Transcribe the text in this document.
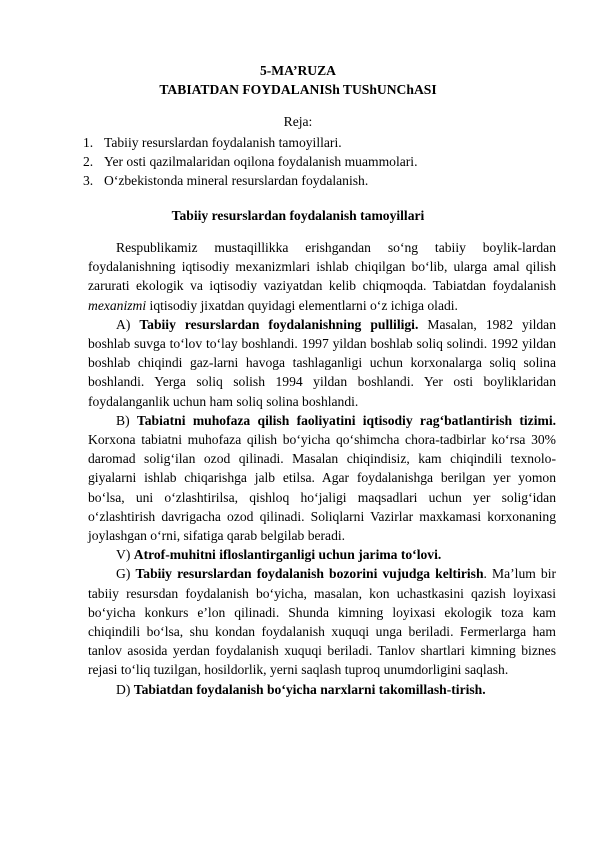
5-MA’RUZA
TABIATDAN FOYDALANISh TUShUNChASI
Reja:
1. Tabiiy resurslardan foydalanish tamoyillari.
2. Yer osti qazilmalaridan oqilona foydalanish muammolari.
3. O‘zbekistonda mineral resurslardan foydalanish.
Tabiiy resurslardan foydalanish tamoyillari

Respublikamiz mustaqillikka erishgandan so‘ng tabiiy boylik-lardan foydalanishning iqtisodiy mexanizmlari ishlab chiqilgan bo‘lib, ularga amal qilish zarurati ekologik va iqtisodiy vaziyatdan kelib chiqmoqda. Tabiatdan foydalanish mexanizmi iqtisodiy jixatdan quyidagi elementlarni o‘z ichiga oladi.

A) Tabiiy resurslardan foydalanishning pulliligi. Masalan, 1982 yildan boshlab suvga to‘lov to‘lay boshlandi. 1997 yildan boshlab soliq solindi. 1992 yildan boshlab chiqindi gaz-larni havoga tashlaganligi uchun korxonalarga soliq solina boshlandi. Yerga soliq solish 1994 yildan boshlandi. Yer osti boyliklaridan foydalanganlik uchun ham soliq solina boshlandi.

B) Tabiatni muhofaza qilish faoliyatini iqtisodiy rag‘batlantirish tizimi. Korxona tabiatni muhofaza qilish bo‘yicha qo‘shimcha chora-tadbirlar ko‘rsa 30% daromad solig‘ilan ozod qilinadi. Masalan chiqindisiz, kam chiqindili texnolo-giyalarni ishlab chiqarishga jalb etilsa. Agar foydalanishga berilgan yer yomon bo‘lsa, uni o‘zlashtirilsa, qishloq ho‘jaligi maqsadlari uchun yer solig‘idan o‘zlashtirish davrigacha ozod qilinadi. Soliqlarni Vazirlar maxkamasi korxonaning joylashgan o‘rni, sifatiga qarab belgilab beradi.

V) Atrof-muhitni ifloslantirganligi uchun jarima to‘lovi.

G) Tabiiy resurslardan foydalanish bozorini vujudga keltirish. Ma’lum bir tabiiy resursdan foydalanish bo‘yicha, masalan, kon uchastkasini qazish loyixasi bo‘yicha konkurs e’lon qilinadi. Shunda kimning loyixasi ekologik toza kam chiqindili bo‘lsa, shu kondan foydalanish xuquqi unga beriladi. Fermerlarga ham tanlov asosida yerdan foydalanish xuquqi beriladi. Tanlov shartlari kimning biznes rejasi to‘liq tuzilgan, hosildorlik, yerni saqlash tuproq unumdorligini saqlash.

D) Tabiatdan foydalanish bo‘yicha narxlarni takomillash-tirish.
